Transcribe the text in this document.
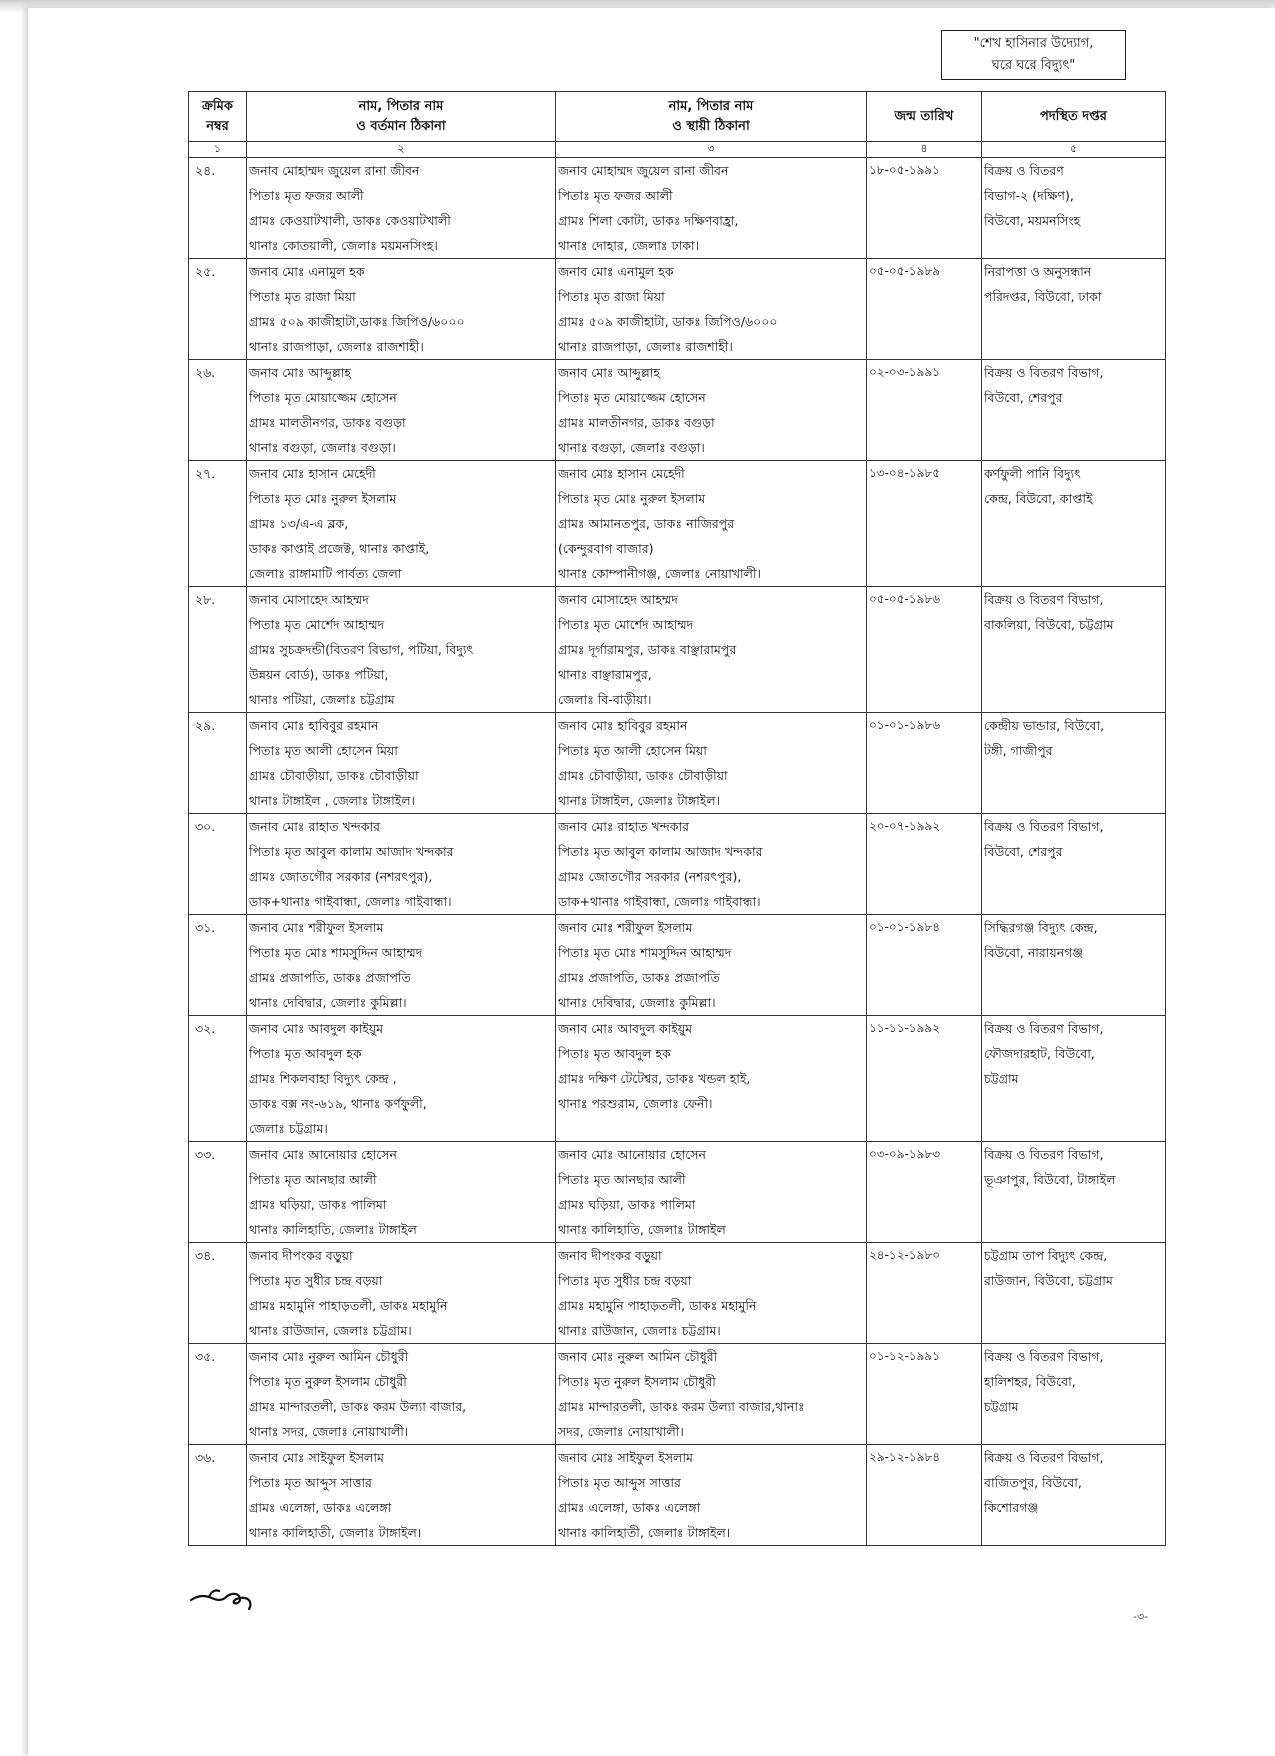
"শেখ হাসিনার উদ্যোগ,
ঘরে ঘরে বিদ্যুৎ"
ক্রমিক
নম্বর	নাম, পিতার নাম
ও বর্তমান ঠিকানা	নাম, পিতার নাম
ও স্থায়ী ঠিকানা	জন্ম তারিখ	পদস্থিত দপ্তর
১	২	৩	৪	৫
২৪.	জনাব মোহাম্মদ জুয়েল রানা জীবন
পিতাঃ মৃত ফজর আলী
গ্রামঃ কেওয়াটখালী, ডাকঃ কেওয়াটখালী
থানাঃ কোতয়ালী, জেলাঃ ময়মনসিংহ।	জনাব মোহাম্মদ জুয়েল রানা জীবন
পিতাঃ মৃত ফজর আলী
গ্রামঃ শিলা কোটা, ডাকঃ দক্ষিণবাহ্রা,
থানাঃ দোহার, জেলাঃ ঢাকা।	১৮-০৫-১৯৯১	বিক্রয় ও বিতরণ
বিভাগ-২ (দক্ষিণ),
বিউবো, ময়মনসিংহ

২৫.	জনাব মোঃ এনামুল হক
পিতাঃ মৃত রাজা মিয়া
গ্রামঃ ৫০৯ কাজীহাটা,ডাকঃ জিপিও/৬০০০
থানাঃ রাজপাড়া, জেলাঃ রাজশাহী।	জনাব মোঃ এনামুল হক
পিতাঃ মৃত রাজা মিয়া
গ্রামঃ ৫০৯ কাজীহাটা, ডাকঃ জিপিও/৬০০০
থানাঃ রাজপাড়া, জেলাঃ রাজশাহী।	০৫-০৫-১৯৮৯	নিরাপত্তা ও অনুসন্ধান
পরিদপ্তর, বিউবো, ঢাকা

২৬.	জনাব মোঃ আব্দুল্লাহ
পিতাঃ মৃত মোয়াজ্জেম হোসেন
গ্রামঃ মালতীনগর, ডাকঃ বগুড়া
থানাঃ বগুড়া, জেলাঃ বগুড়া।	জনাব মোঃ আব্দুল্লাহ
পিতাঃ মৃত মোয়াজ্জেম হোসেন
গ্রামঃ মালতীনগর, ডাকঃ বগুড়া
থানাঃ বগুড়া, জেলাঃ বগুড়া।	০২-০৩-১৯৯১	বিক্রয় ও বিতরণ বিভাগ,
বিউবো, শেরপুর

২৭.	জনাব মোঃ হাসান মেহেদী
পিতাঃ মৃত মোঃ নুরুল ইসলাম
গ্রামঃ ১৩/এ-এ ব্লক,
ডাকঃ কাপ্তাই প্রজেক্ট, থানাঃ কাপ্তাই,
জেলাঃ রাঙ্গামাটি পার্বত্য জেলা	জনাব মোঃ হাসান মেহেদী
পিতাঃ মৃত মোঃ নুরুল ইসলাম
গ্রামঃ আমানতপুর, ডাকঃ নাজিরপুর
(কেন্দুরবাগ বাজার)
থানাঃ কোম্পানীগঞ্জ, জেলাঃ নোয়াখালী।	১৩-০৪-১৯৮৫	কর্ণফুলী পানি বিদ্যুৎ
কেন্দ্র, বিউবো, কাপ্তাই

২৮.	জনাব মোসাহেদ আহম্মদ
পিতাঃ মৃত মোর্শেদ আহাম্মদ
গ্রামঃ সুচক্রদন্ডী(বিতরণ বিভাগ, পটিয়া, বিদ্যুৎ
উন্নয়ন বোর্ড), ডাকঃ পটিয়া,
থানাঃ পটিয়া, জেলাঃ চট্টগ্রাম	জনাব মোসাহেদ আহম্মদ
পিতাঃ মৃত মোর্শেদ আহাম্মদ
গ্রামঃ দূর্গারামপুর, ডাকঃ বাঞ্ছারামপুর
থানাঃ বাঞ্ছারামপুর,
জেলাঃ বি-বাড়ীয়া।	০৫-০৫-১৯৮৬	বিক্রয় ও বিতরণ বিভাগ,
বাকলিয়া, বিউবো, চট্টগ্রাম

২৯.	জনাব মোঃ হাবিবুর রহমান
পিতাঃ মৃত আলী হোসেন মিয়া
গ্রামঃ চৌবাড়ীয়া, ডাকঃ চৌবাড়ীয়া
থানাঃ টাঙ্গাইল , জেলাঃ টাঙ্গাইল।	জনাব মোঃ হাবিবুর রহমান
পিতাঃ মৃত আলী হোসেন মিয়া
গ্রামঃ চৌবাড়ীয়া, ডাকঃ চৌবাড়ীয়া
থানাঃ টাঙ্গাইল, জেলাঃ টাঙ্গাইল।	০১-০১-১৯৮৬	কেন্দ্রীয় ভান্ডার, বিউবো,
টঙ্গী, গাজীপুর

৩০.	জনাব মোঃ রাহাত খন্দকার
পিতাঃ মৃত আবুল কালাম আজাদ খন্দকার
গ্রামঃ জোতগৌর সরকার (নশরৎপুর),
ডাক+থানাঃ গাইবান্ধা, জেলাঃ গাইবান্ধা।	জনাব মোঃ রাহাত খন্দকার
পিতাঃ মৃত আবুল কালাম আজাদ খন্দকার
গ্রামঃ জোতগৌর সরকার (নশরৎপুর),
ডাক+থানাঃ গাইবান্ধা, জেলাঃ গাইবান্ধা।	২০-০৭-১৯৯২	বিক্রয় ও বিতরণ বিভাগ,
বিউবো, শেরপুর

৩১.	জনাব মোঃ শরীফুল ইসলাম
পিতাঃ মৃত মোঃ শামসুদ্দিন আহাম্মদ
গ্রামঃ প্রজাপতি, ডাকঃ প্রজাপতি
থানাঃ দেবিদ্বার, জেলাঃ কুমিল্লা।	জনাব মোঃ শরীফুল ইসলাম
পিতাঃ মৃত মোঃ শামসুদ্দিন আহাম্মদ
গ্রামঃ প্রজাপতি, ডাকঃ প্রজাপতি
থানাঃ দেবিদ্বার, জেলাঃ কুমিল্লা।	০১-০১-১৯৮৪	সিদ্ধিরগঞ্জ বিদ্যুৎ কেন্দ্র,
বিউবো, নারায়নগঞ্জ

৩২.	জনাব মোঃ আবদুল কাইয়ুম
পিতাঃ মৃত আবদুল হক
গ্রামঃ শিকলবাহা বিদ্যুৎ কেন্দ্র ,
ডাকঃ বক্স নং-৬১৯, থানাঃ কর্ণফুলী,
জেলাঃ চট্টগ্রাম।	জনাব মোঃ আবদুল কাইয়ুম
পিতাঃ মৃত আবদুল হক
গ্রামঃ দক্ষিণ টেটেশ্বর, ডাকঃ খন্ডল হাই,
থানাঃ পরশুরাম, জেলাঃ ফেনী।	১১-১১-১৯৯২	বিক্রয় ও বিতরণ বিভাগ,
ফৌজদারহাট, বিউবো,
চট্টগ্রাম

৩৩.	জনাব মোঃ আনোয়ার হোসেন
পিতাঃ মৃত আনছার আলী
গ্রামঃ ঘড়িয়া, ডাকঃ পালিমা
থানাঃ কালিহাতি, জেলাঃ টাঙ্গাইল	জনাব মোঃ আনোয়ার হোসেন
পিতাঃ মৃত আনছার আলী
গ্রামঃ ঘড়িয়া, ডাকঃ পালিমা
থানাঃ কালিহাতি, জেলাঃ টাঙ্গাইল	০৩-০৯-১৯৮৩	বিক্রয় ও বিতরণ বিভাগ,
ভূঞাপুর, বিউবো, টাঙ্গাইল

৩৪.	জনাব দীপংকর বড়ুয়া
পিতাঃ মৃত সুধীর চন্দ্র বড়য়া
গ্রামঃ মহামুনি পাহাড়তলী, ডাকঃ মহামুনি
থানাঃ রাউজান, জেলাঃ চট্টগ্রাম।	জনাব দীপংকর বড়ুয়া
পিতাঃ মৃত সুধীর চন্দ্র বড়য়া
গ্রামঃ মহামুনি পাহাড়তলী, ডাকঃ মহামুনি
থানাঃ রাউজান, জেলাঃ চট্টগ্রাম।	২৪-১২-১৯৮০	চট্টগ্রাম তাপ বিদ্যুৎ কেন্দ্র,
রাউজান, বিউবো, চট্টগ্রাম

৩৫.	জনাব মোঃ নুরুল আমিন চৌধুরী
পিতাঃ মৃত নুরুল ইসলাম চৌধুরী
গ্রামঃ মান্দারতলী, ডাকঃ করম উল্যা বাজার,
থানাঃ সদর, জেলাঃ নোয়াখালী।	জনাব মোঃ নুরুল আমিন চৌধুরী
পিতাঃ মৃত নুরুল ইসলাম চৌধুরী
গ্রামঃ মান্দারতলী, ডাকঃ করম উল্যা বাজার,থানাঃ
সদর, জেলাঃ নোয়াখালী।	০১-১২-১৯৯১	বিক্রয় ও বিতরণ বিভাগ,
হালিশহর, বিউবো,
চট্টগ্রাম

৩৬.	জনাব মোঃ সাইফুল ইসলাম
পিতাঃ মৃত আব্দুস সাত্তার
গ্রামঃ এলেঙ্গা, ডাকঃ এলেঙ্গা
থানাঃ কালিহাতী, জেলাঃ টাঙ্গাইল।	জনাব মোঃ সাইফুল ইসলাম
পিতাঃ মৃত আব্দুস সাত্তার
গ্রামঃ এলেঙ্গা, ডাকঃ এলেঙ্গা
থানাঃ কালিহাতী, জেলাঃ টাঙ্গাইল।	২৯-১২-১৯৮৪	বিক্রয় ও বিতরণ বিভাগ,
বাজিতপুর, বিউবো,
কিশোরগঞ্জ
-৩-
